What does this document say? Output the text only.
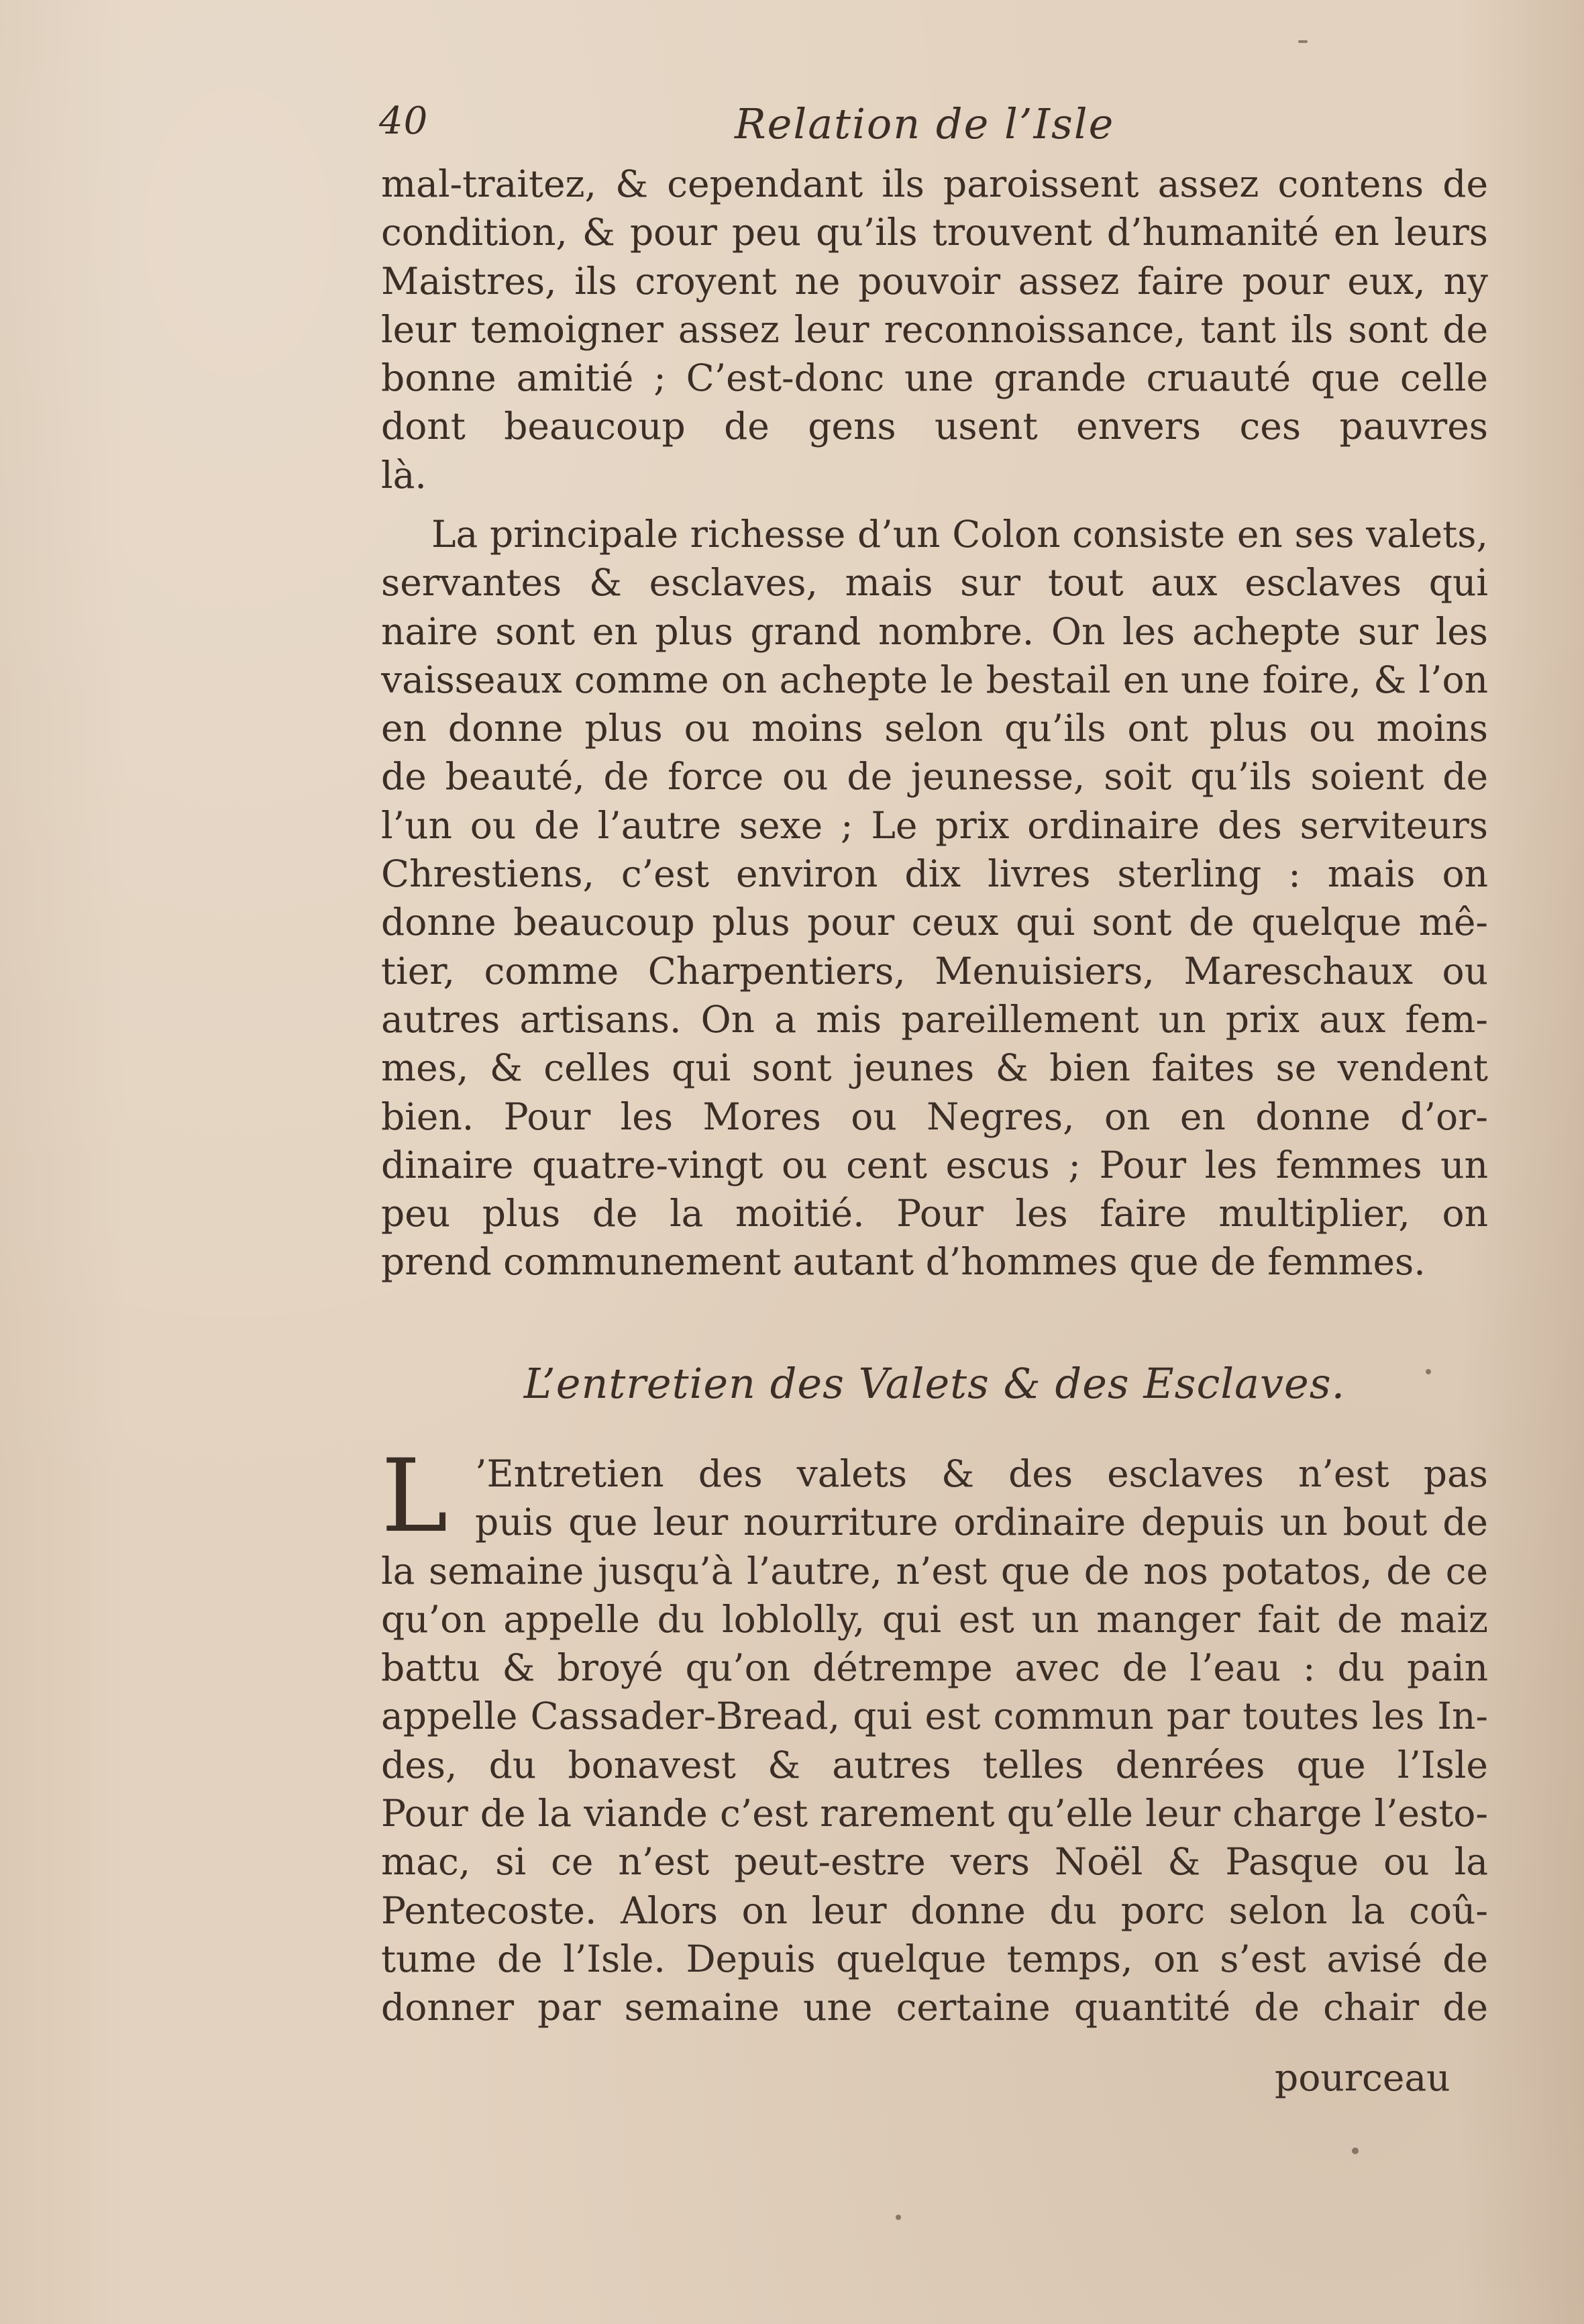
40	Relation de l’Isle
mal-traitez, & cependant ils paroissent assez contens de
condition, & pour peu qu’ils trouvent d’humanité en leurs
Maistres, ils croyent ne pouvoir assez faire pour eux, ny
leur temoigner assez leur reconnoissance, tant ils sont de
bonne amitié ; C’est-donc une grande cruauté que celle
dont beaucoup de gens usent envers ces pauvres
là.
La principale richesse d’un Colon consiste en ses valets,
servantes & esclaves, mais sur tout aux esclaves qui
naire sont en plus grand nombre. On les achepte sur les
vaisseaux comme on achepte le bestail en une foire, & l’on
en donne plus ou moins selon qu’ils ont plus ou moins
de beauté, de force ou de jeunesse, soit qu’ils soient de
l’un ou de l’autre sexe ; Le prix ordinaire des serviteurs
Chrestiens, c’est environ dix livres sterling : mais on
donne beaucoup plus pour ceux qui sont de quelque mê-
tier, comme Charpentiers, Menuisiers, Mareschaux ou
autres artisans. On a mis pareillement un prix aux fem-
mes, & celles qui sont jeunes & bien faites se vendent
bien. Pour les Mores ou Negres, on en donne d’or-
dinaire quatre-vingt ou cent escus ; Pour les femmes un
peu plus de la moitié. Pour les faire multiplier, on
prend communement autant d’hommes que de femmes.
L’entretien des Valets & des Esclaves.
L ’Entretien des valets & des esclaves n’est pas
puis que leur nourriture ordinaire depuis un bout de
la semaine jusqu’à l’autre, n’est que de nos potatos, de ce
qu’on appelle du loblolly, qui est un manger fait de maiz
battu & broyé qu’on détrempe avec de l’eau : du pain
appelle Cassader-Bread, qui est commun par toutes les In-
des, du bonavest & autres telles denrées que l’Isle
Pour de la viande c’est rarement qu’elle leur charge l’esto-
mac, si ce n’est peut-estre vers Noël & Pasque ou la
Pentecoste. Alors on leur donne du porc selon la coû-
tume de l’Isle. Depuis quelque temps, on s’est avisé de
donner par semaine une certaine quantité de chair de
pourceau
